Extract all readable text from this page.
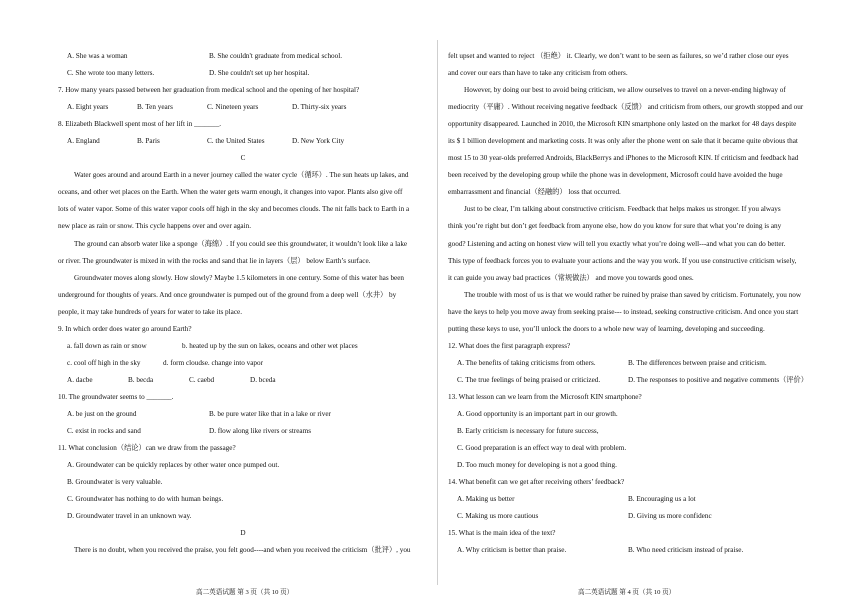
A. She was a woman	B. She couldn't graduate from medical school.

C. She wrote too many letters.	D. She couldn't set up her hospital.

7. How many years passed between her graduation from medical school and the opening of her hospital?

A. Eight years	B. Ten years	C. Nineteen years	D. Thirty-six years

8. Elizabeth Blackwell spent most of her lift in _______.

A. England	B. Paris	C. the United States	D. New York City

C

Water goes around and around Earth in a never journey called the water cycle（循环）. The sun heats up lakes, and

oceans, and other wet places on the Earth. When the water gets warm enough, it changes into vapor. Plants also give off

lots of water vapor. Some of this water vapor cools off high in the sky and becomes clouds. The nit falls back to Earth in a

new place as rain or snow. This cycle happens over and over again.

The ground can absorb water like a sponge（海绵）. If you could see this groundwater, it wouldn’t look like a lake

or river. The groundwater is mixed in with the rocks and sand that lie in layers（层） below Earth’s surface.

Groundwater moves along slowly. How slowly? Maybe 1.5 kilometers in one century. Some of this water has been

underground for thoughts of years. And once groundwater is pumped out of the ground from a deep well（水井） by

people, it may take hundreds of years for water to take its place.

9. In which order does water go around Earth?

a. fall down as rain or snow	b. heated up by the sun on lakes, oceans and other wet places

c. cool off high in the sky	d. form cloudse. change into vapor

A. dacbe	B. becda	C. caebd	D. bceda

10. The groundwater seems to _______.

A. be just on the ground	B. be pure water like that in a lake or river

C. exist in rocks and sand	D. flow along like rivers or streams

11. What conclusion（结论）can we draw from the passage?

A. Groundwater can be quickly replaces by other water once pumped out.

B. Groundwater is very valuable.

C. Groundwater has nothing to do with human beings.

D. Groundwater travel in an unknown way.

D

There is no doubt, when you received the praise, you felt good----and when you received the criticism（批评）, you

felt upset and wanted to reject （拒绝） it. Clearly, we don’t want to be seen as failures, so we’d rather close our eyes

and cover our ears than have to take any criticism from others.

However, by doing our best to avoid being criticism, we allow ourselves to travel on a never-ending highway of

mediocrity（平庸）. Without receiving negative feedback（反馈） and criticism from others, our growth stopped and our

opportunity disappeared. Launched in 2010, the Microsoft KIN smartphone only lasted on the market for 48 days despite

its $ 1 billion development and marketing costs. It was only after the phone went on sale that it became quite obvious that

most 15 to 30 year-olds preferred Androids, BlackBerrys and iPhones to the Microsoft KIN. If criticism and feedback had

been received by the developing group while the phone was in development, Microsoft could have avoided the huge

embarrassment and financial（经融的） loss that occurred.

Just to be clear, I’m talking about constructive criticism. Feedback that helps makes us stronger. If you always

think you’re right but don’t get feedback from anyone else, how do you know for sure that what you’re doing is any

good? Listening and acting on honest view will tell you exactly what you’re doing well---and what you can do better.

This type of feedback forces you to evaluate your actions and the way you work. If you use constructive criticism wisely,

it can guide you away bad practices（常规做法） and move you towards good ones.

The trouble with most of us is that we would rather be ruined by praise than saved by criticism. Fortunately, you now

have the keys to help you move away from seeking praise--- to instead, seeking constructive criticism. And once you start

putting these keys to use, you’ll unlock the doors to a whole new way of learning, developing and succeeding.

12. What does the first paragraph express?

A. The benefits of taking criticisms from others.	B. The differences between praise and criticism.

C. The true feelings of being praised or criticized.	D. The responses to positive and negative comments（评价）

13. What lesson can we learn from the Microsoft KIN smartphone?

A. Good opportunity is an important part in our growth.

B. Early criticism is necessary for future success,

C. Good preparation is an effect way to deal with problem.

D. Too much money for developing is not a good thing.

14. What benefit can we get after receiving others’ feedback?

A. Making us better	B. Encouraging us a lot

C. Making us more cautious	D. Giving us more confidenc

15. What is the main idea of the text?

A. Why criticism is better than praise.	B. Who need criticism instead of praise.

高二英语试题 第 3 页（共 10 页）	高二英语试题 第 4 页（共 10 页）
